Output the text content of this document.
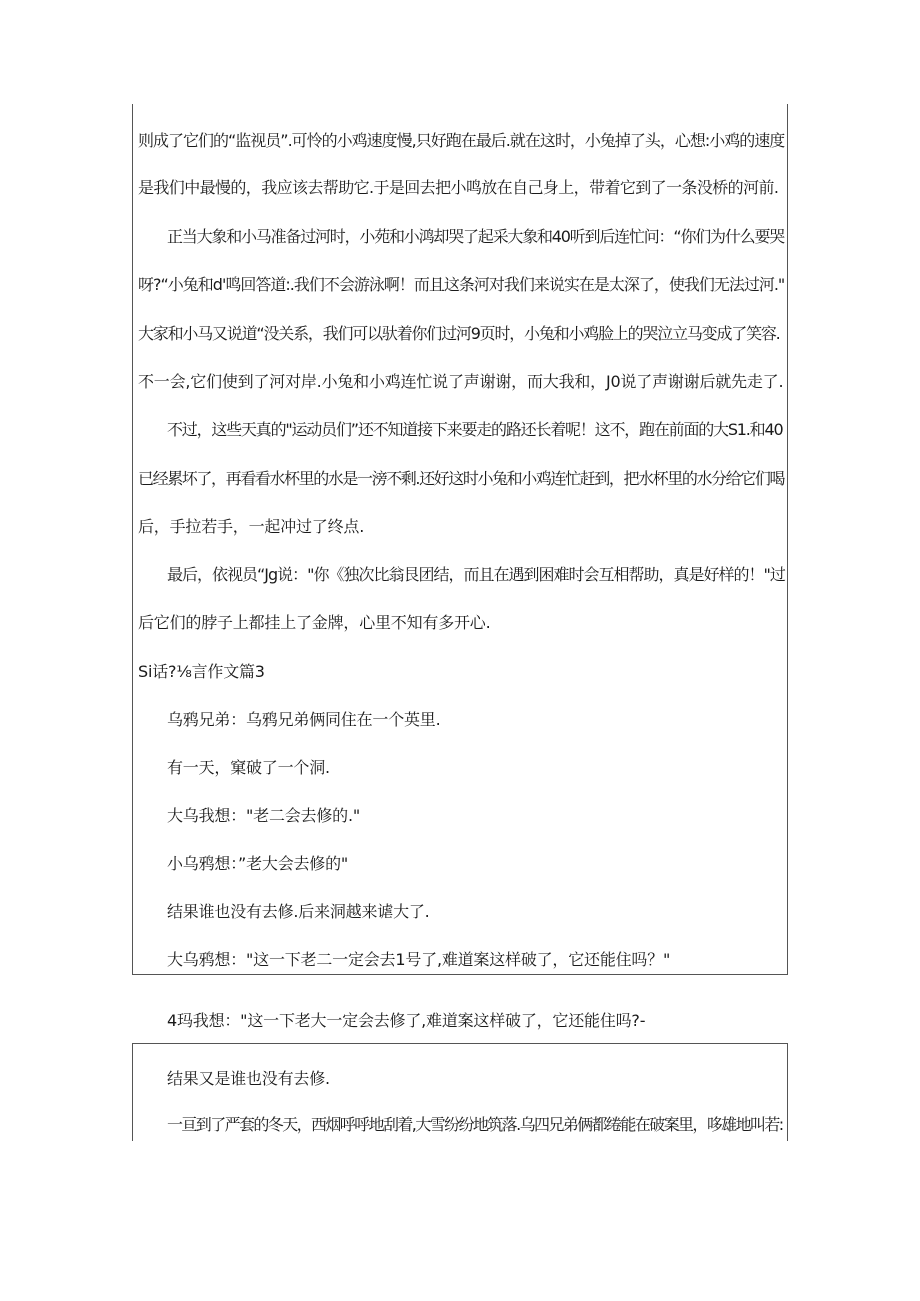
则成了它们的“监视员”.可怜的小鸡速度慢,只好跑在最后.就在这时，小兔掉了头，心想:小鸡的速度
是我们中最慢的，我应该去帮助它.于是回去把小鸣放在自己身上，带着它到了一条没桥的河前.
正当大象和小马准备过河时，小苑和小鸿却哭了起采大象和40听到后连忙问：“你们为什么要哭
呀?“小兔和d'鸣回答道:.我们不会游泳啊！而且这条河对我们来说实在是太深了，使我们无法过河."
大家和小马又说道“没关系，我们可以驮着你们过河9页时，小兔和小鸡脸上的哭泣立马变成了笑容.
不一会,它们使到了河对岸.小兔和小鸡连忙说了声谢谢，而大我和，J0说了声谢谢后就先走了.
不过，这些天真的"运动员们”还不知道接下来要走的路还长着呢！这不，跑在前面的大S1.和40
已经累坏了，再看看水杯里的水是一滂不剩.还好这时小兔和小鸡连忙赶到，把水杯里的水分给它们喝
后，手拉若手，一起冲过了终点.
最后，依视员“Jg说："你《独次比翁艮团结，而且在遇到困难时会互相帮助，真是好样的！"过
后它们的脖子上都挂上了金牌，心里不知有多开心.
Si话?⅛言作文篇3
乌鸦兄弟：乌鸦兄弟俩同住在一个英里.
有一天，窠破了一个洞.
大乌我想："老二会去修的."
小乌鸦想：”老大会去修的"
结果谁也没有去修.后来洞越来谑大了.
大乌鸦想："这一下老二一定会去1号了,难道案这样破了，它还能住吗？"
4玛我想："这一下老大一定会去修了,难道案这样破了，它还能住吗?-
结果又是谁也没有去修.
一亘到了严套的冬天，西烟呼呼地刮着,大雪纷纷地筑落.乌四兄弟俩都绻能在破案里，哆雄地叫若:
